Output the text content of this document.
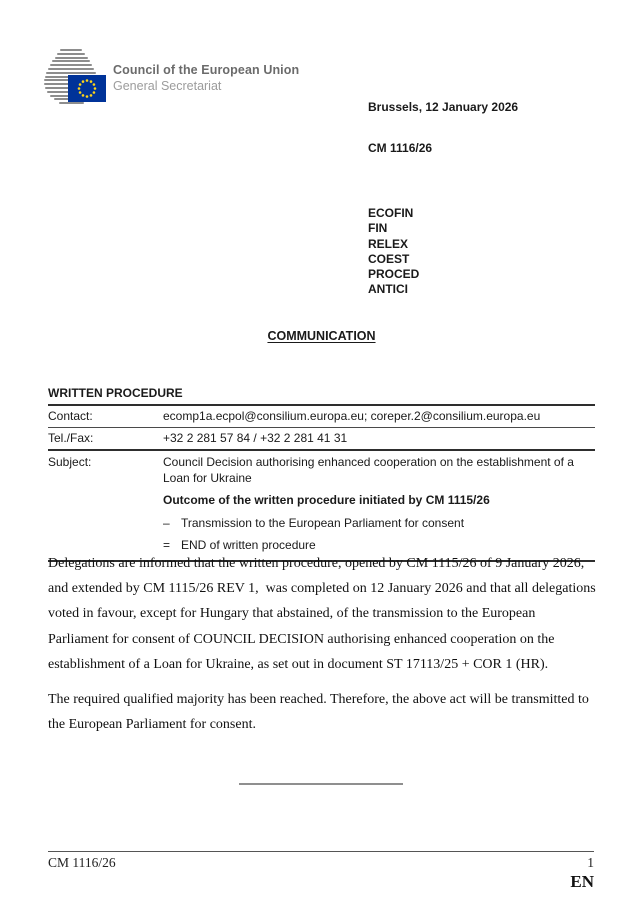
Council of the European Union
General Secretariat
Brussels, 12 January 2026
CM 1116/26
ECOFIN
FIN
RELEX
COEST
PROCED
ANTICI
COMMUNICATION
WRITTEN PROCEDURE
Contact:	ecomp1a.ecpol@consilium.europa.eu; coreper.2@consilium.europa.eu
Tel./Fax:	+32 2 281 57 84 / +32 2 281 41 31
Subject:	Council Decision authorising enhanced cooperation on the establishment of a Loan for Ukraine
Outcome of the written procedure initiated by CM 1115/26
– Transmission to the European Parliament for consent
= END of written procedure

Delegations are informed that the written procedure, opened by CM 1115/26 of 9 January 2026, and extended by CM 1115/26 REV 1,  was completed on 12 January 2026 and that all delegations voted in favour, except for Hungary that abstained, of the transmission to the European Parliament for consent of COUNCIL DECISION authorising enhanced cooperation on the establishment of a Loan for Ukraine, as set out in document ST 17113/25 + COR 1 (HR).

The required qualified majority has been reached. Therefore, the above act will be transmitted to the European Parliament for consent.

CM 1116/26	1
EN
